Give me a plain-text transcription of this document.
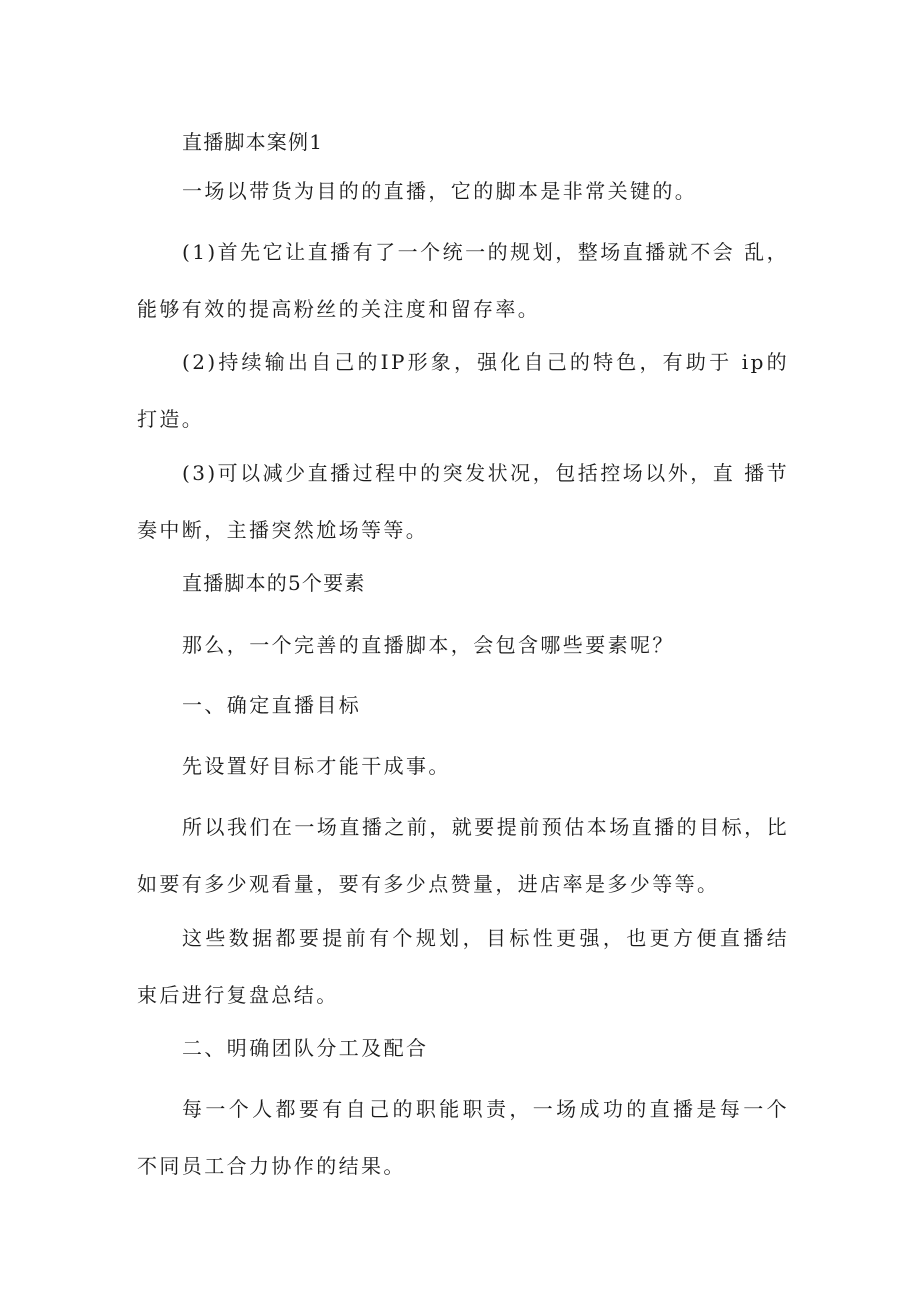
直播脚本案例1

一场以带货为目的的直播，它的脚本是非常关键的。

(1)首先它让直播有了一个统一的规划，整场直播就不会 乱，能够有效的提高粉丝的关注度和留存率。

(2)持续输出自己的IP形象，强化自己的特色，有助于 ip的打造。

(3)可以减少直播过程中的突发状况，包括控场以外，直 播节奏中断，主播突然尬场等等。

直播脚本的5个要素

那么，一个完善的直播脚本，会包含哪些要素呢？

一、确定直播目标

先设置好目标才能干成事。

所以我们在一场直播之前，就要提前预估本场直播的目标，比如要有多少观看量，要有多少点赞量，进店率是多少等等。

这些数据都要提前有个规划，目标性更强，也更方便直播结 束后进行复盘总结。

二、明确团队分工及配合

每一个人都要有自己的职能职责，一场成功的直播是每一个 不同员工合力协作的结果。
